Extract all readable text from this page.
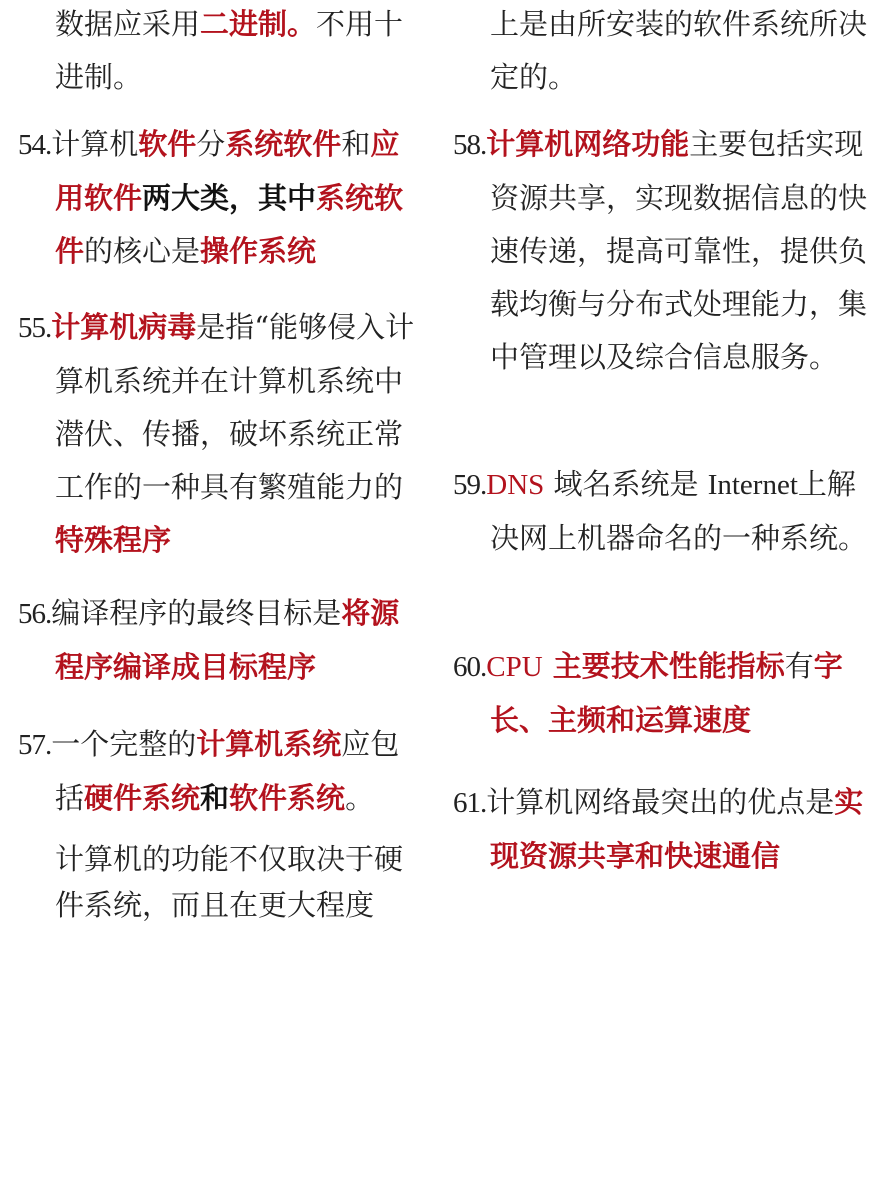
数据应采用二进制。不用十进制。
54.计算机软件分系统软件和应用软件两大类，其中系统软件的核心是操作系统
55.计算机病毒是指“能够侵入计算机系统并在计算机系统中潜伏、传播，破坏系统正常工作的一种具有繁殖能力的特殊程序
56.编译程序的最终目标是将源程序编译成目标程序
57.一个完整的计算机系统应包括硬件系统和软件系统。
计算机的功能不仅取决于硬件系统，而且在更大程度
上是由所安装的软件系统所决定的。
58.计算机网络功能主要包括实现资源共享，实现数据信息的快速传递，提高可靠性，提供负载均衡与分布式处理能力，集中管理以及综合信息服务。
59.DNS 域名系统是 Internet上解决网上机器命名的一种系统。
60.CPU 主要技术性能指标有字长、主频和运算速度
61.计算机网络最突出的优点是实现资源共享和快速通信
